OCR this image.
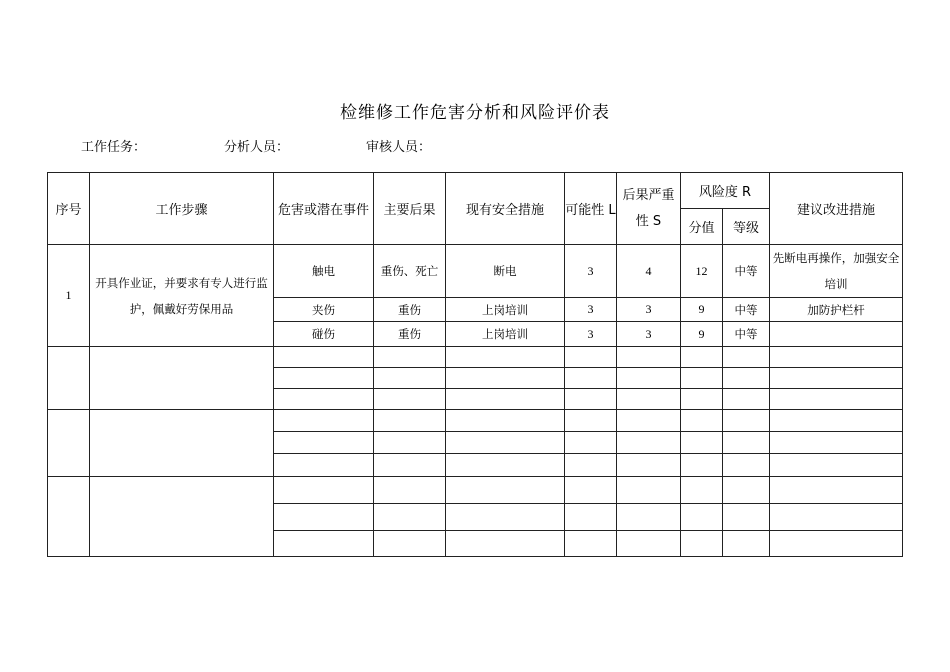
检维修工作危害分析和风险评价表
工作任务：	分析人员：	审核人员：
序号	工作步骤	危害或潜在事件	主要后果	现有安全措施	可能性 L	后果严重性 S	风险度 R		建议改进措施
							分值	等级	
1	开具作业证，并要求有专人进行监护，佩戴好劳保用品	触电	重伤、死亡	断电	3	4	12	中等	先断电再操作，加强安全培训
		夹伤	重伤	上岗培训	3	3	9	中等	加防护栏杆
		碰伤	重伤	上岗培训	3	3	9	中等	
